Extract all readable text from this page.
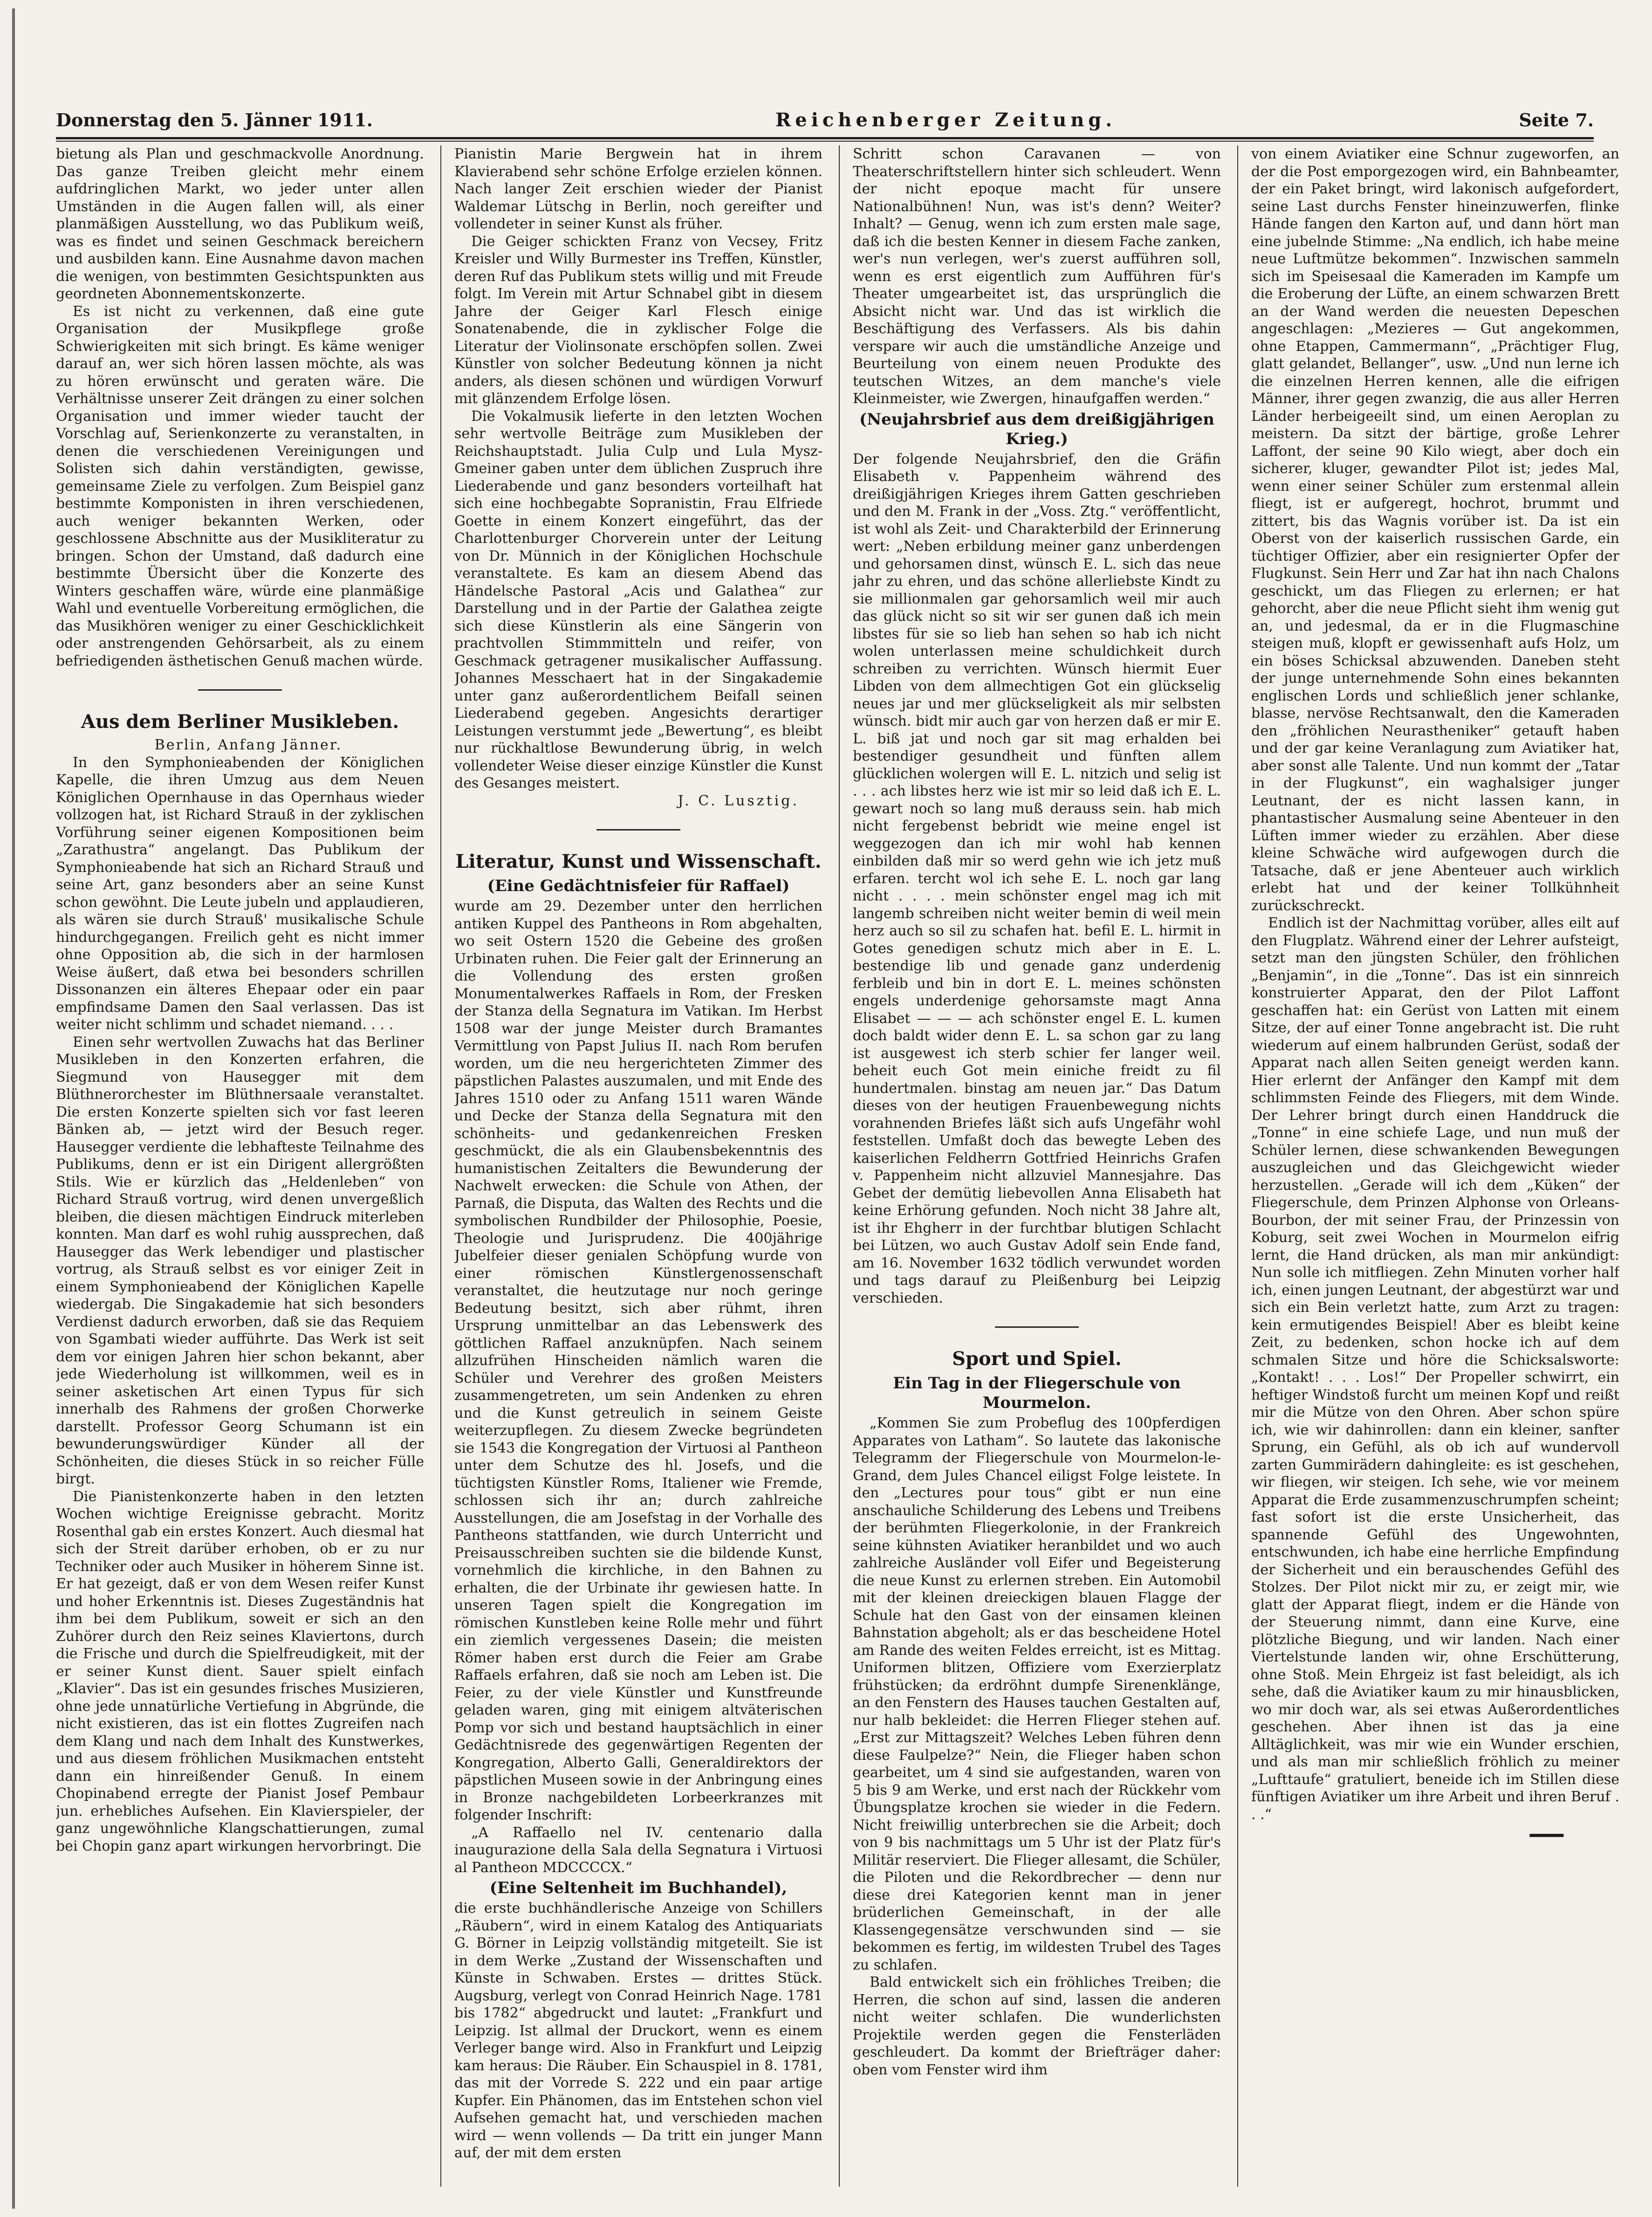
Donnerstag den 5. Jänner 1911.	Reichenberger Zeitung.	Seite 7.

bietung als Plan und geschmackvolle Anordnung. Das ganze Treiben gleicht mehr einem aufdringlichen Markt, wo jeder unter allen Umständen in die Augen fallen will, als einer planmäßigen Ausstellung, wo das Publikum weiß, was es findet und seinen Geschmack bereichern und ausbilden kann. Eine Ausnahme davon machen die wenigen, von bestimmten Gesichtspunkten aus geordneten Abonnementskonzerte.

Es ist nicht zu verkennen, daß eine gute Organisation der Musikpflege große Schwierigkeiten mit sich bringt. Es käme weniger darauf an, wer sich hören lassen möchte, als was zu hören erwünscht und geraten wäre. Die Verhältnisse unserer Zeit drängen zu einer solchen Organisation und immer wieder taucht der Vorschlag auf, Serienkonzerte zu veranstalten, in denen die verschiedenen Vereinigungen und Solisten sich dahin verständigten, gewisse, gemeinsame Ziele zu verfolgen. Zum Beispiel ganz bestimmte Komponisten in ihren verschiedenen, auch weniger bekannten Werken, oder geschlossene Abschnitte aus der Musikliteratur zu bringen. Schon der Umstand, daß dadurch eine bestimmte Übersicht über die Konzerte des Winters geschaffen wäre, würde eine planmäßige Wahl und eventuelle Vorbereitung ermöglichen, die das Musikhören weniger zu einer Geschicklichkeit oder anstrengenden Gehörsarbeit, als zu einem befriedigenden ästhetischen Genuß machen würde.

Aus dem Berliner Musikleben.

Berlin, Anfang Jänner.

In den Symphonieabenden der Königlichen Kapelle, die ihren Umzug aus dem Neuen Königlichen Opernhause in das Opernhaus wieder vollzogen hat, ist Richard Strauß in der zyklischen Vorführung seiner eigenen Kompositionen beim „Zarathustra“ angelangt. Das Publikum der Symphonieabende hat sich an Richard Strauß und seine Art, ganz besonders aber an seine Kunst schon gewöhnt. Die Leute jubeln und applaudieren, als wären sie durch Strauß' musikalische Schule hindurchgegangen. Freilich geht es nicht immer ohne Opposition ab, die sich in der harmlosen Weise äußert, daß etwa bei besonders schrillen Dissonanzen ein älteres Ehepaar oder ein paar empfindsame Damen den Saal verlassen. Das ist weiter nicht schlimm und schadet niemand. . . .

Einen sehr wertvollen Zuwachs hat das Berliner Musikleben in den Konzerten erfahren, die Siegmund von Hausegger mit dem Blüthnerorchester im Blüthnersaale veranstaltet. Die ersten Konzerte spielten sich vor fast leeren Bänken ab, — jetzt wird der Besuch reger. Hausegger verdiente die lebhafteste Teilnahme des Publikums, denn er ist ein Dirigent allergrößten Stils. Wie er kürzlich das „Heldenleben“ von Richard Strauß vortrug, wird denen unvergeßlich bleiben, die diesen mächtigen Eindruck miterleben konnten. Man darf es wohl ruhig aussprechen, daß Hausegger das Werk lebendiger und plastischer vortrug, als Strauß selbst es vor einiger Zeit in einem Symphonieabend der Königlichen Kapelle wiedergab. Die Singakademie hat sich besonders Verdienst dadurch erworben, daß sie das Requiem von Sgambati wieder aufführte. Das Werk ist seit dem vor einigen Jahren hier schon bekannt, aber jede Wiederholung ist willkommen, weil es in seiner asketischen Art einen Typus für sich innerhalb des Rahmens der großen Chorwerke darstellt. Professor Georg Schumann ist ein bewunderungswürdiger Künder all der Schönheiten, die dieses Stück in so reicher Fülle birgt.

Die Pianistenkonzerte haben in den letzten Wochen wichtige Ereignisse gebracht. Moritz Rosenthal gab ein erstes Konzert. Auch diesmal hat sich der Streit darüber erhoben, ob er zu nur Techniker oder auch Musiker in höherem Sinne ist. Er hat gezeigt, daß er von dem Wesen reifer Kunst und hoher Erkenntnis ist. Dieses Zugeständnis hat ihm bei dem Publikum, soweit er sich an den Zuhörer durch den Reiz seines Klaviertons, durch die Frische und durch die Spielfreudigkeit, mit der er seiner Kunst dient. Sauer spielt einfach „Klavier“. Das ist ein gesundes frisches Musizieren, ohne jede unnatürliche Vertiefung in Abgründe, die nicht existieren, das ist ein flottes Zugreifen nach dem Klang und nach dem Inhalt des Kunstwerkes, und aus diesem fröhlichen Musikmachen entsteht dann ein hinreißender Genuß. In einem Chopinabend erregte der Pianist Josef Pembaur jun. erhebliches Aufsehen. Ein Klavierspieler, der ganz ungewöhnliche Klangschattierungen, zumal bei Chopin ganz apart wirkungen hervorbringt. Die

Pianistin Marie Bergwein hat in ihrem Klavierabend sehr schöne Erfolge erzielen können. Nach langer Zeit erschien wieder der Pianist Waldemar Lütschg in Berlin, noch gereifter und vollendeter in seiner Kunst als früher.

Die Geiger schickten Franz von Vecsey, Fritz Kreisler und Willy Burmester ins Treffen, Künstler, deren Ruf das Publikum stets willig und mit Freude folgt. Im Verein mit Artur Schnabel gibt in diesem Jahre der Geiger Karl Flesch einige Sonatenabende, die in zyklischer Folge die Literatur der Violinsonate erschöpfen sollen. Zwei Künstler von solcher Bedeutung können ja nicht anders, als diesen schönen und würdigen Vorwurf mit glänzendem Erfolge lösen.

Die Vokalmusik lieferte in den letzten Wochen sehr wertvolle Beiträge zum Musikleben der Reichshauptstadt. Julia Culp und Lula Mysz-Gmeiner gaben unter dem üblichen Zuspruch ihre Liederabende und ganz besonders vorteilhaft hat sich eine hochbegabte Sopranistin, Frau Elfriede Goette in einem Konzert eingeführt, das der Charlottenburger Chorverein unter der Leitung von Dr. Münnich in der Königlichen Hochschule veranstaltete. Es kam an diesem Abend das Händelsche Pastoral „Acis und Galathea“ zur Darstellung und in der Partie der Galathea zeigte sich diese Künstlerin als eine Sängerin von prachtvollen Stimmmitteln und reifer, von Geschmack getragener musikalischer Auffassung. Johannes Messchaert hat in der Singakademie unter ganz außerordentlichem Beifall seinen Liederabend gegeben. Angesichts derartiger Leistungen verstummt jede „Bewertung“, es bleibt nur rückhaltlose Bewunderung übrig, in welch vollendeter Weise dieser einzige Künstler die Kunst des Gesanges meistert.

J. C. Lusztig.

Literatur, Kunst und Wissenschaft.
(Eine Gedächtnisfeier für Raffael)

wurde am 29. Dezember unter den herrlichen antiken Kuppel des Pantheons in Rom abgehalten, wo seit Ostern 1520 die Gebeine des großen Urbinaten ruhen. Die Feier galt der Erinnerung an die Vollendung des ersten großen Monumentalwerkes Raffaels in Rom, der Fresken der Stanza della Segnatura im Vatikan. Im Herbst 1508 war der junge Meister durch Bramantes Vermittlung von Papst Julius II. nach Rom berufen worden, um die neu hergerichteten Zimmer des päpstlichen Palastes auszumalen, und mit Ende des Jahres 1510 oder zu Anfang 1511 waren Wände und Decke der Stanza della Segnatura mit den schönheits- und gedankenreichen Fresken geschmückt, die als ein Glaubensbekenntnis des humanistischen Zeitalters die Bewunderung der Nachwelt erwecken: die Schule von Athen, der Parnaß, die Disputa, das Walten des Rechts und die symbolischen Rundbilder der Philosophie, Poesie, Theologie und Jurisprudenz. Die 400jährige Jubelfeier dieser genialen Schöpfung wurde von einer römischen Künstlergenossenschaft veranstaltet, die heutzutage nur noch geringe Bedeutung besitzt, sich aber rühmt, ihren Ursprung unmittelbar an das Lebenswerk des göttlichen Raffael anzuknüpfen. Nach seinem allzufrühen Hinscheiden nämlich waren die Schüler und Verehrer des großen Meisters zusammengetreten, um sein Andenken zu ehren und die Kunst getreulich in seinem Geiste weiterzupflegen. Zu diesem Zwecke begründeten sie 1543 die Kongregation der Virtuosi al Pantheon unter dem Schutze des hl. Josefs, und die tüchtigsten Künstler Roms, Italiener wie Fremde, schlossen sich ihr an; durch zahlreiche Ausstellungen, die am Josefstag in der Vorhalle des Pantheons stattfanden, wie durch Unterricht und Preisausschreiben suchten sie die bildende Kunst, vornehmlich die kirchliche, in den Bahnen zu erhalten, die der Urbinate ihr gewiesen hatte. In unseren Tagen spielt die Kongregation im römischen Kunstleben keine Rolle mehr und führt ein ziemlich vergessenes Dasein; die meisten Römer haben erst durch die Feier am Grabe Raffaels erfahren, daß sie noch am Leben ist. Die Feier, zu der viele Künstler und Kunstfreunde geladen waren, ging mit einigem altväterischen Pomp vor sich und bestand hauptsächlich in einer Gedächtnisrede des gegenwärtigen Regenten der Kongregation, Alberto Galli, Generaldirektors der päpstlichen Museen sowie in der Anbringung eines in Bronze nachgebildeten Lorbeerkranzes mit folgender Inschrift:

„A Raffaello nel IV. centenario dalla inaugurazione della Sala della Segnatura i Virtuosi al Pantheon MDCCCCX.“

(Eine Seltenheit im Buchhandel),

die erste buchhändlerische Anzeige von Schillers „Räubern“, wird in einem Katalog des Antiquariats G. Börner in Leipzig vollständig mitgeteilt. Sie ist in dem Werke „Zustand der Wissenschaften und Künste in Schwaben. Erstes — drittes Stück. Augsburg, verlegt von Conrad Heinrich Nage. 1781 bis 1782“ abgedruckt und lautet: „Frankfurt und Leipzig. Ist allmal der Druckort, wenn es einem Verleger bange wird. Also in Frankfurt und Leipzig kam heraus: Die Räuber. Ein Schauspiel in 8. 1781, das mit der Vorrede S. 222 und ein paar artige Kupfer. Ein Phänomen, das im Entstehen schon viel Aufsehen gemacht hat, und verschieden machen wird — wenn vollends — Da tritt ein junger Mann auf, der mit dem ersten

Schritt schon Caravanen — von Theaterschriftstellern hinter sich schleudert. Wenn der nicht epoque macht für unsere Nationalbühnen! Nun, was ist's denn? Weiter? Inhalt? — Genug, wenn ich zum ersten male sage, daß ich die besten Kenner in diesem Fache zanken, wer's nun verlegen, wer's zuerst aufführen soll, wenn es erst eigentlich zum Aufführen für's Theater umgearbeitet ist, das ursprünglich die Absicht nicht war. Und das ist wirklich die Beschäftigung des Verfassers. Als bis dahin verspare wir auch die umständliche Anzeige und Beurteilung von einem neuen Produkte des teutschen Witzes, an dem manche's viele Kleinmeister, wie Zwergen, hinaufgaffen werden.“

(Neujahrsbrief aus dem dreißigjährigen Krieg.)

Der folgende Neujahrsbrief, den die Gräfin Elisabeth v. Pappenheim während des dreißigjährigen Krieges ihrem Gatten geschrieben und den M. Frank in der „Voss. Ztg.“ veröffentlicht, ist wohl als Zeit- und Charakterbild der Erinnerung wert: „Neben erbildung meiner ganz unberdengen und gehorsamen dinst, wünsch E. L. sich das neue jahr zu ehren, und das schöne allerliebste Kindt zu sie millionmalen gar gehorsamlich weil mir auch das glück nicht so sit wir ser gunen daß ich mein libstes für sie so lieb han sehen so hab ich nicht wolen unterlassen meine schuldichkeit durch schreiben zu verrichten. Wünsch hiermit Euer Libden von dem allmechtigen Got ein glückselig neues jar und mer glückseligkeit als mir selbsten wünsch. bidt mir auch gar von herzen daß er mir E. L. biß jat und noch gar sit mag erhalden bei bestendiger gesundheit und fünften allem glücklichen wolergen will E. L. nitzich und selig ist . . . ach libstes herz wie ist mir so leid daß ich E. L. gewart noch so lang muß derauss sein. hab mich nicht fergebenst bebridt wie meine engel ist weggezogen dan ich mir wohl hab kennen einbilden daß mir so werd gehn wie ich jetz muß erfaren. tercht wol ich sehe E. L. noch gar lang nicht . . . . mein schönster engel mag ich mit langemb schreiben nicht weiter bemin di weil mein herz auch so sil zu schafen hat. befil E. L. hirmit in Gotes genedigen schutz mich aber in E. L. bestendige lib und genade ganz underdenig ferbleib und bin in dort E. L. meines schönsten engels underdenige gehorsamste magt Anna Elisabet — — — ach schönster engel E. L. kumen doch baldt wider denn E. L. sa schon gar zu lang ist ausgewest ich sterb schier fer langer weil. beheit euch Got mein einiche freidt zu fil hundertmalen. binstag am neuen jar.“ Das Datum dieses von der heutigen Frauenbewegung nichts vorahnenden Briefes läßt sich aufs Ungefähr wohl feststellen. Umfaßt doch das bewegte Leben des kaiserlichen Feldherrn Gottfried Heinrichs Grafen v. Pappenheim nicht allzuviel Mannesjahre. Das Gebet der demütig liebevollen Anna Elisabeth hat keine Erhörung gefunden. Noch nicht 38 Jahre alt, ist ihr Ehgherr in der furchtbar blutigen Schlacht bei Lützen, wo auch Gustav Adolf sein Ende fand, am 16. November 1632 tödlich verwundet worden und tags darauf zu Pleißenburg bei Leipzig verschieden.

Sport und Spiel.
Ein Tag in der Fliegerschule von Mourmelon.

„Kommen Sie zum Probeflug des 100pferdigen Apparates von Latham“. So lautete das lakonische Telegramm der Fliegerschule von Mourmelon-le-Grand, dem Jules Chancel eiligst Folge leistete. In den „Lectures pour tous“ gibt er nun eine anschauliche Schilderung des Lebens und Treibens der berühmten Fliegerkolonie, in der Frankreich seine kühnsten Aviatiker heranbildet und wo auch zahlreiche Ausländer voll Eifer und Begeisterung die neue Kunst zu erlernen streben. Ein Automobil mit der kleinen dreieckigen blauen Flagge der Schule hat den Gast von der einsamen kleinen Bahnstation abgeholt; als er das bescheidene Hotel am Rande des weiten Feldes erreicht, ist es Mittag. Uniformen blitzen, Offiziere vom Exerzierplatz frühstücken; da erdröhnt dumpfe Sirenenklänge, an den Fenstern des Hauses tauchen Gestalten auf, nur halb bekleidet: die Herren Flieger stehen auf. „Erst zur Mittagszeit? Welches Leben führen denn diese Faulpelze?“ Nein, die Flieger haben schon gearbeitet, um 4 sind sie aufgestanden, waren von 5 bis 9 am Werke, und erst nach der Rückkehr vom Übungsplatze krochen sie wieder in die Federn. Nicht freiwillig unterbrechen sie die Arbeit; doch von 9 bis nachmittags um 5 Uhr ist der Platz für's Militär reserviert. Die Flieger allesamt, die Schüler, die Piloten und die Rekordbrecher — denn nur diese drei Kategorien kennt man in jener brüderlichen Gemeinschaft, in der alle Klassengegensätze verschwunden sind — sie bekommen es fertig, im wildesten Trubel des Tages zu schlafen.

Bald entwickelt sich ein fröhliches Treiben; die Herren, die schon auf sind, lassen die anderen nicht weiter schlafen. Die wunderlichsten Projektile werden gegen die Fensterläden geschleudert. Da kommt der Briefträger daher: oben vom Fenster wird ihm

von einem Aviatiker eine Schnur zugeworfen, an der die Post emporgezogen wird, ein Bahnbeamter, der ein Paket bringt, wird lakonisch aufgefordert, seine Last durchs Fenster hineinzuwerfen, flinke Hände fangen den Karton auf, und dann hört man eine jubelnde Stimme: „Na endlich, ich habe meine neue Luftmütze bekommen“. Inzwischen sammeln sich im Speisesaal die Kameraden im Kampfe um die Eroberung der Lüfte, an einem schwarzen Brett an der Wand werden die neuesten Depeschen angeschlagen: „Mezieres — Gut angekommen, ohne Etappen, Cammermann“, „Prächtiger Flug, glatt gelandet, Bellanger“, usw. „Und nun lerne ich die einzelnen Herren kennen, alle die eifrigen Männer, ihrer gegen zwanzig, die aus aller Herren Länder herbeigeeilt sind, um einen Aeroplan zu meistern. Da sitzt der bärtige, große Lehrer Laffont, der seine 90 Kilo wiegt, aber doch ein sicherer, kluger, gewandter Pilot ist; jedes Mal, wenn einer seiner Schüler zum erstenmal allein fliegt, ist er aufgeregt, hochrot, brummt und zittert, bis das Wagnis vorüber ist. Da ist ein Oberst von der kaiserlich russischen Garde, ein tüchtiger Offizier, aber ein resignierter Opfer der Flugkunst. Sein Herr und Zar hat ihn nach Chalons geschickt, um das Fliegen zu erlernen; er hat gehorcht, aber die neue Pflicht sieht ihm wenig gut an, und jedesmal, da er in die Flugmaschine steigen muß, klopft er gewissenhaft aufs Holz, um ein böses Schicksal abzuwenden. Daneben steht der junge unternehmende Sohn eines bekannten englischen Lords und schließlich jener schlanke, blasse, nervöse Rechtsanwalt, den die Kameraden den „fröhlichen Neurastheniker“ getauft haben und der gar keine Veranlagung zum Aviatiker hat, aber sonst alle Talente. Und nun kommt der „Tatar in der Flugkunst“, ein waghalsiger junger Leutnant, der es nicht lassen kann, in phantastischer Ausmalung seine Abenteuer in den Lüften immer wieder zu erzählen. Aber diese kleine Schwäche wird aufgewogen durch die Tatsache, daß er jene Abenteuer auch wirklich erlebt hat und der keiner Tollkühnheit zurückschreckt.

Endlich ist der Nachmittag vorüber, alles eilt auf den Flugplatz. Während einer der Lehrer aufsteigt, setzt man den jüngsten Schüler, den fröhlichen „Benjamin“, in die „Tonne“. Das ist ein sinnreich konstruierter Apparat, den der Pilot Laffont geschaffen hat: ein Gerüst von Latten mit einem Sitze, der auf einer Tonne angebracht ist. Die ruht wiederum auf einem halbrunden Gerüst, sodaß der Apparat nach allen Seiten geneigt werden kann. Hier erlernt der Anfänger den Kampf mit dem schlimmsten Feinde des Fliegers, mit dem Winde. Der Lehrer bringt durch einen Handdruck die „Tonne“ in eine schiefe Lage, und nun muß der Schüler lernen, diese schwankenden Bewegungen auszugleichen und das Gleichgewicht wieder herzustellen. „Gerade will ich dem „Küken“ der Fliegerschule, dem Prinzen Alphonse von Orleans-Bourbon, der mit seiner Frau, der Prinzessin von Koburg, seit zwei Wochen in Mourmelon eifrig lernt, die Hand drücken, als man mir ankündigt: Nun solle ich mitfliegen. Zehn Minuten vorher half ich, einen jungen Leutnant, der abgestürzt war und sich ein Bein verletzt hatte, zum Arzt zu tragen: kein ermutigendes Beispiel! Aber es bleibt keine Zeit, zu bedenken, schon hocke ich auf dem schmalen Sitze und höre die Schicksalsworte: „Kontakt! . . . Los!“ Der Propeller schwirrt, ein heftiger Windstoß furcht um meinen Kopf und reißt mir die Mütze von den Ohren. Aber schon spüre ich, wie wir dahinrollen: dann ein kleiner, sanfter Sprung, ein Gefühl, als ob ich auf wundervoll zarten Gummirädern dahingleite: es ist geschehen, wir fliegen, wir steigen. Ich sehe, wie vor meinem Apparat die Erde zusammenzuschrumpfen scheint; fast sofort ist die erste Unsicherheit, das spannende Gefühl des Ungewohnten, entschwunden, ich habe eine herrliche Empfindung der Sicherheit und ein berauschendes Gefühl des Stolzes. Der Pilot nickt mir zu, er zeigt mir, wie glatt der Apparat fliegt, indem er die Hände von der Steuerung nimmt, dann eine Kurve, eine plötzliche Biegung, und wir landen. Nach einer Viertelstunde landen wir, ohne Erschütterung, ohne Stoß. Mein Ehrgeiz ist fast beleidigt, als ich sehe, daß die Aviatiker kaum zu mir hinausblicken, wo mir doch war, als sei etwas Außerordentliches geschehen. Aber ihnen ist das ja eine Alltäglichkeit, was mir wie ein Wunder erschien, und als man mir schließlich fröhlich zu meiner „Lufttaufe“ gratuliert, beneide ich im Stillen diese fünftigen Aviatiker um ihre Arbeit und ihren Beruf . . .“

━━━
